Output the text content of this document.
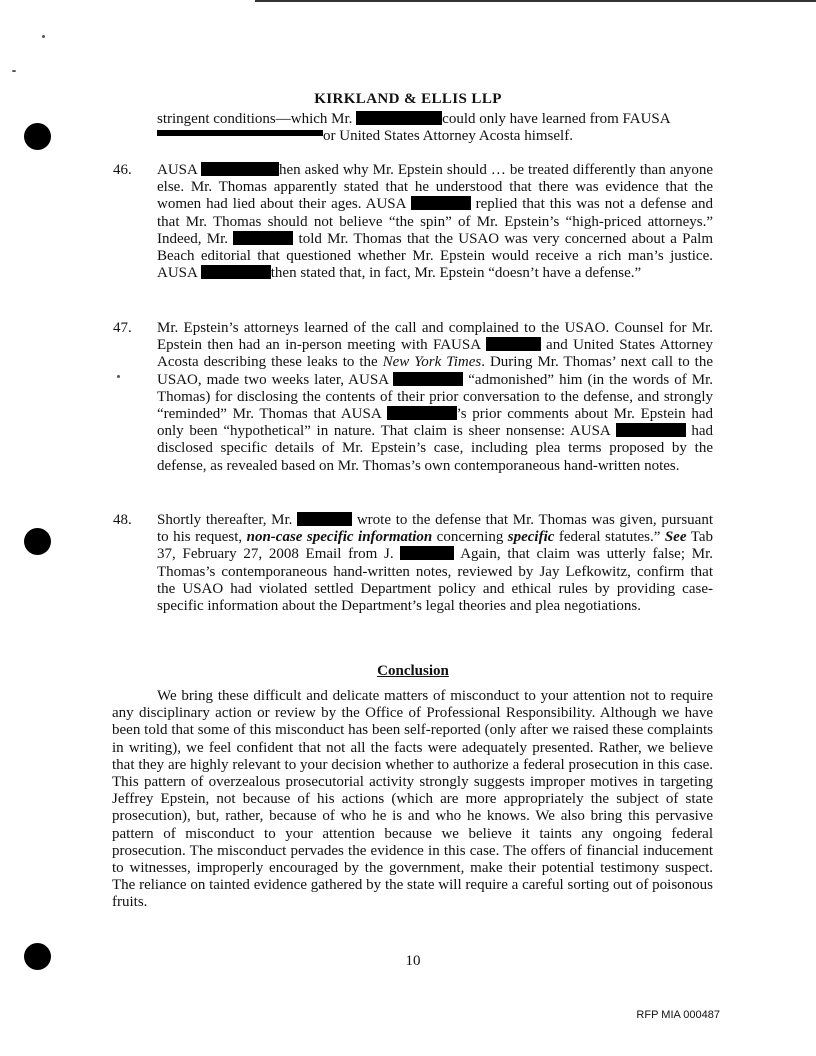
KIRKLAND & ELLIS LLP
stringent conditions—which Mr.	could only have learned from FAUSA
or United States Attorney Acosta himself.
46. AUSA	hen asked why Mr. Epstein should … be treated differently than anyone else. Mr. Thomas apparently stated that he understood that there was evidence that the women had lied about their ages. AUSA	replied that this was not a defense and that Mr. Thomas should not believe “the spin” of Mr. Epstein’s “high-priced attorneys.” Indeed, Mr.	told Mr. Thomas that the USAO was very concerned about a Palm Beach editorial that questioned whether Mr. Epstein would receive a rich man’s justice. AUSA	then stated that, in fact, Mr. Epstein “doesn’t have a defense.”
47. Mr. Epstein’s attorneys learned of the call and complained to the USAO. Counsel for Mr. Epstein then had an in-person meeting with FAUSA	and United States Attorney Acosta describing these leaks to the New York Times. During Mr. Thomas’ next call to the USAO, made two weeks later, AUSA	“admonished” him (in the words of Mr. Thomas) for disclosing the contents of their prior conversation to the defense, and strongly “reminded” Mr. Thomas that AUSA	’s prior comments about Mr. Epstein had only been “hypothetical” in nature. That claim is sheer nonsense: AUSA	had disclosed specific details of Mr. Epstein’s case, including plea terms proposed by the defense, as revealed based on Mr. Thomas’s own contemporaneous hand-written notes.
48. Shortly thereafter, Mr.	wrote to the defense that Mr. Thomas was given, pursuant to his request, non-case specific information concerning specific federal statutes.” See Tab 37, February 27, 2008 Email from J.	Again, that claim was utterly false; Mr. Thomas’s contemporaneous hand-written notes, reviewed by Jay Lefkowitz, confirm that the USAO had violated settled Department policy and ethical rules by providing case-specific information about the Department’s legal theories and plea negotiations.
Conclusion
We bring these difficult and delicate matters of misconduct to your attention not to require any disciplinary action or review by the Office of Professional Responsibility. Although we have been told that some of this misconduct has been self-reported (only after we raised these complaints in writing), we feel confident that not all the facts were adequately presented. Rather, we believe that they are highly relevant to your decision whether to authorize a federal prosecution in this case. This pattern of overzealous prosecutorial activity strongly suggests improper motives in targeting Jeffrey Epstein, not because of his actions (which are more appropriately the subject of state prosecution), but, rather, because of who he is and who he knows. We also bring this pervasive pattern of misconduct to your attention because we believe it taints any ongoing federal prosecution. The misconduct pervades the evidence in this case. The offers of financial inducement to witnesses, improperly encouraged by the government, make their potential testimony suspect. The reliance on tainted evidence gathered by the state will require a careful sorting out of poisonous fruits.
10
RFP MIA 000487
